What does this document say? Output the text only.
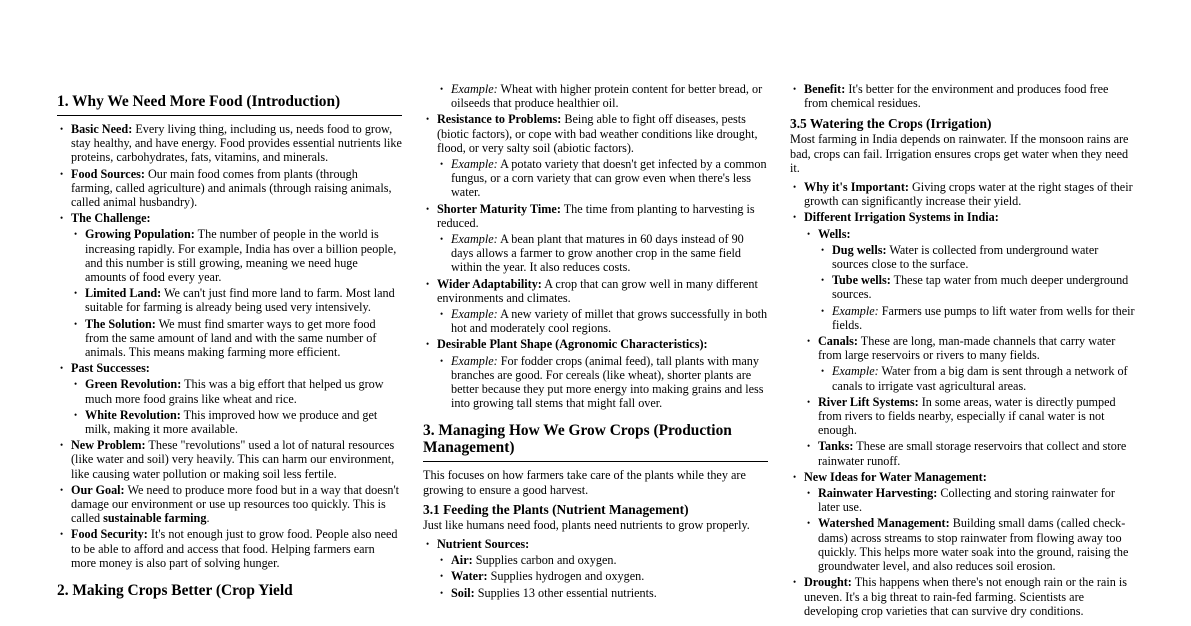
1. Why We Need More Food (Introduction)
• Basic Need: Every living thing, including us, needs food to grow, stay healthy, and have energy. Food provides essential nutrients like proteins, carbohydrates, fats, vitamins, and minerals.
• Food Sources: Our main food comes from plants (through farming, called agriculture) and animals (through raising animals, called animal husbandry).
• The Challenge:
• Growing Population: The number of people in the world is increasing rapidly. For example, India has over a billion people, and this number is still growing, meaning we need huge amounts of food every year.
• Limited Land: We can't just find more land to farm. Most land suitable for farming is already being used very intensively.
• The Solution: We must find smarter ways to get more food from the same amount of land and with the same number of animals. This means making farming more efficient.
• Past Successes:
• Green Revolution: This was a big effort that helped us grow much more food grains like wheat and rice.
• White Revolution: This improved how we produce and get milk, making it more available.
• New Problem: These "revolutions" used a lot of natural resources (like water and soil) very heavily. This can harm our environment, like causing water pollution or making soil less fertile.
• Our Goal: We need to produce more food but in a way that doesn't damage our environment or use up resources too quickly. This is called sustainable farming.
• Food Security: It's not enough just to grow food. People also need to be able to afford and access that food. Helping farmers earn more money is also part of solving hunger.
2. Making Crops Better (Crop Yield
• Example: Wheat with higher protein content for better bread, or oilseeds that produce healthier oil.
• Resistance to Problems: Being able to fight off diseases, pests (biotic factors), or cope with bad weather conditions like drought, flood, or very salty soil (abiotic factors).
• Example: A potato variety that doesn't get infected by a common fungus, or a corn variety that can grow even when there's less water.
• Shorter Maturity Time: The time from planting to harvesting is reduced.
• Example: A bean plant that matures in 60 days instead of 90 days allows a farmer to grow another crop in the same field within the year. It also reduces costs.
• Wider Adaptability: A crop that can grow well in many different environments and climates.
• Example: A new variety of millet that grows successfully in both hot and moderately cool regions.
• Desirable Plant Shape (Agronomic Characteristics):
• Example: For fodder crops (animal feed), tall plants with many branches are good. For cereals (like wheat), shorter plants are better because they put more energy into making grains and less into growing tall stems that might fall over.
3. Managing How We Grow Crops (Production Management)
This focuses on how farmers take care of the plants while they are growing to ensure a good harvest.
3.1 Feeding the Plants (Nutrient Management)
Just like humans need food, plants need nutrients to grow properly.
• Nutrient Sources:
• Air: Supplies carbon and oxygen.
• Water: Supplies hydrogen and oxygen.
• Soil: Supplies 13 other essential nutrients.
• Benefit: It's better for the environment and produces food free from chemical residues.
3.5 Watering the Crops (Irrigation)
Most farming in India depends on rainwater. If the monsoon rains are bad, crops can fail. Irrigation ensures crops get water when they need it.
• Why it's Important: Giving crops water at the right stages of their growth can significantly increase their yield.
• Different Irrigation Systems in India:
• Wells:
• Dug wells: Water is collected from underground water sources close to the surface.
• Tube wells: These tap water from much deeper underground sources.
• Example: Farmers use pumps to lift water from wells for their fields.
• Canals: These are long, man-made channels that carry water from large reservoirs or rivers to many fields.
• Example: Water from a big dam is sent through a network of canals to irrigate vast agricultural areas.
• River Lift Systems: In some areas, water is directly pumped from rivers to fields nearby, especially if canal water is not enough.
• Tanks: These are small storage reservoirs that collect and store rainwater runoff.
• New Ideas for Water Management:
• Rainwater Harvesting: Collecting and storing rainwater for later use.
• Watershed Management: Building small dams (called check-dams) across streams to stop rainwater from flowing away too quickly. This helps more water soak into the ground, raising the groundwater level, and also reduces soil erosion.
• Drought: This happens when there's not enough rain or the rain is uneven. It's a big threat to rain-fed farming. Scientists are developing crop varieties that can survive dry conditions.
